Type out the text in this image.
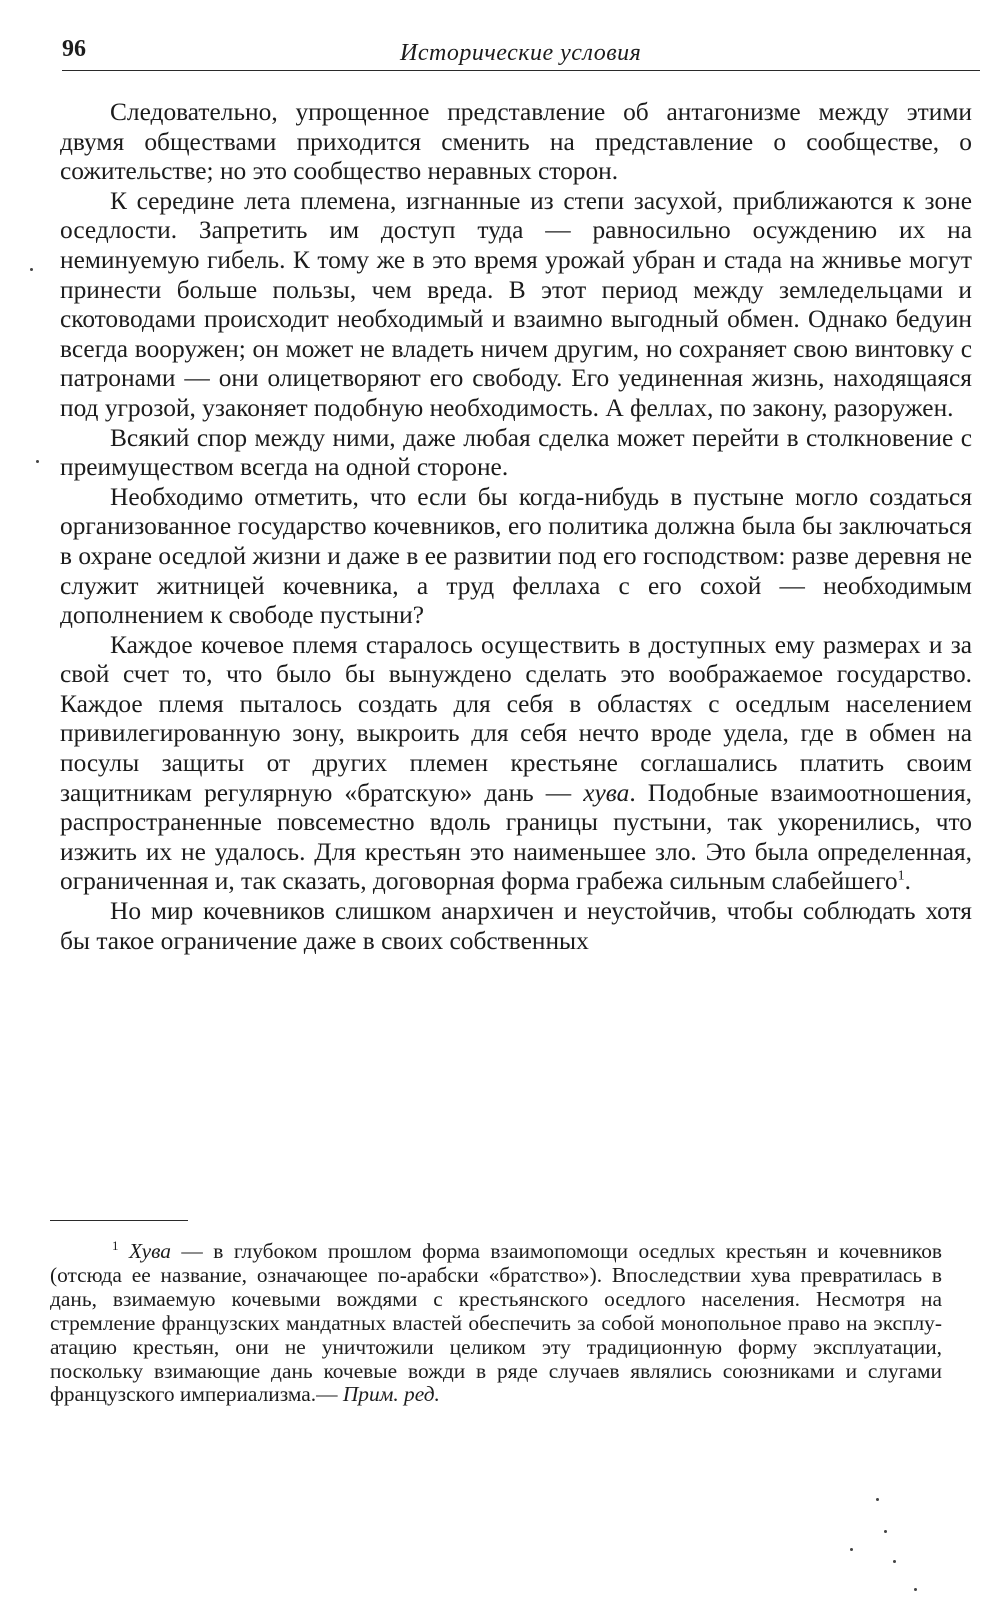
96	Исторические условия

Следовательно, упрощенное представление об антагонизме между этими двумя обществами приходится сменить на представление о сообществе, о сожительстве; но это сообщество неравных сторон.

К середине лета племена, изгнанные из степи засухой, приближаются к зоне оседлости. Запретить им доступ туда — равносильно осуждению их на неминуемую гибель. К тому же в это время урожай убран и стада на жнивье могут принести больше пользы, чем вреда. В этот период между земледельцами и скотоводами происходит необходимый и взаимно выгодный обмен. Однако бедуин всегда вооружен; он может не владеть ничем другим, но сохраняет свою винтовку с патронами — они олицетворяют его свободу. Его уединенная жизнь, находящаяся под угрозой, узаконяет подобную необходимость. А феллах, по закону, разоружен.

Всякий спор между ними, даже любая сделка может перейти в столкновение с преимуществом всегда на одной стороне.

Необходимо отметить, что если бы когда-нибудь в пустыне могло создаться организованное государство кочевников, его политика должна была бы заключаться в охране оседлой жизни и даже в ее развитии под его господством: разве деревня не служит житницей кочевника, а труд феллаха с его сохой — необходимым дополнением к свободе пустыни?

Каждое кочевое племя старалось осуществить в доступных ему размерах и за свой счет то, что было бы вынуждено сделать это воображаемое государство. Каждое племя пыталось создать для себя в областях с оседлым населением привилегированную зону, выкроить для себя нечто вроде удела, где в обмен на посулы защиты от других племен крестьяне соглашались платить своим защитникам регулярную «братскую» дань — хува. Подобные взаимоотношения, распространенные повсеместно вдоль границы пустыни, так укоренились, что изжить их не удалось. Для крестьян это наименьшее зло. Это была определенная, ограниченная и, так сказать, договорная форма грабежа сильным слабейшего$^1$.

Но мир кочевников слишком анархичен и неустойчив, чтобы соблюдать хотя бы такое ограничение даже в своих собственных

$^1$ Хува — в глубоком прошлом форма взаимопомощи оседлых крестьян и кочевников (отсюда ее название, означающее по-арабски «братство»). Впоследствии хува превратилась в дань, взимаемую кочевыми вождями с крестьянского оседлого населения. Несмотря на стремление французских мандатных властей обеспечить за собой монопольное право на эксплуатацию крестьян, они не уничтожили целиком эту традиционную форму эксплуатации, поскольку взимающие дань кочевые вожди в ряде случаев являлись союзниками и слугами французского империализма.— Прим. ред.
